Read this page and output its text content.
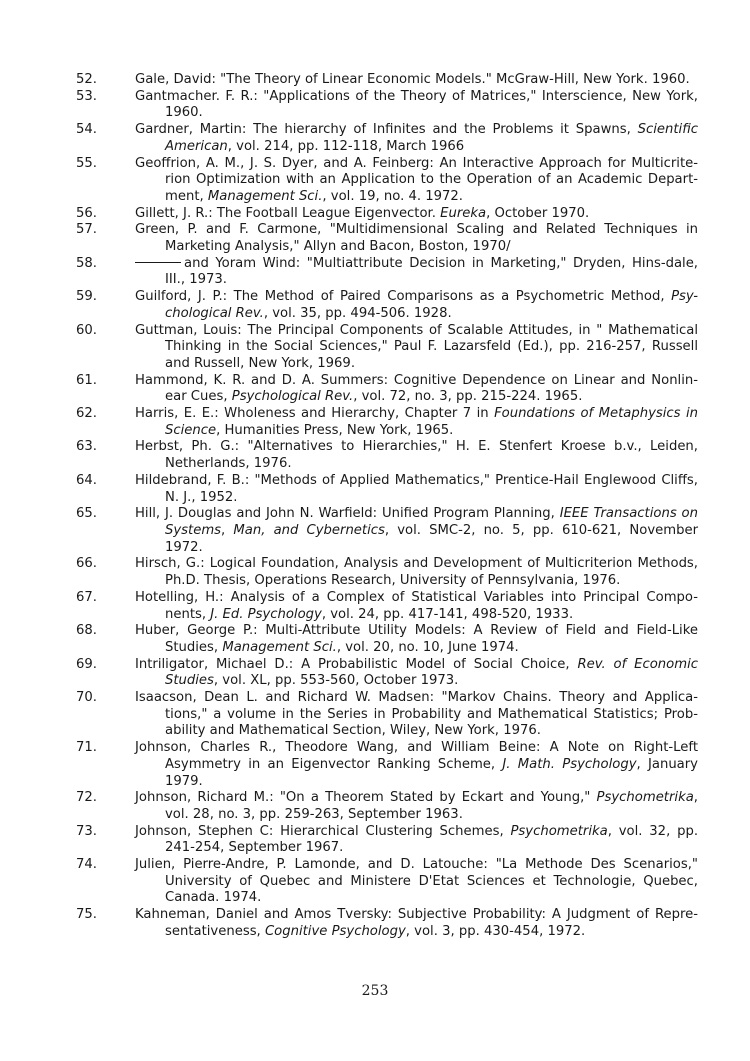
52.	Gale, David: "The Theory of Linear Economic Models." McGraw-Hill, New York. 1960.
53.	Gantmacher. F. R.: "Applications of the Theory of Matrices," Interscience, New York, 1960.
54.	Gardner, Martin: The hierarchy of Infinites and the Problems it Spawns, Scientific American, vol. 214, pp. 112-118, March 1966
55.	Geoffrion, A. M., J. S. Dyer, and A. Feinberg: An Interactive Approach for Multicrite-rion Optimization with an Application to the Operation of an Academic Depart-ment, Management Sci., vol. 19, no. 4. 1972.
56.	Gillett, J. R.: The Football League Eigenvector. Eureka, October 1970.
57.	Green, P. and F. Carmone, "Multidimensional Scaling and Related Techniques in Marketing Analysis," Allyn and Bacon, Boston, 1970/
58.	and Yoram Wind: "Multiattribute Decision in Marketing," Dryden, Hins-dale, III., 1973.
59.	Guilford, J. P.: The Method of Paired Comparisons as a Psychometric Method, Psy-chological Rev., vol. 35, pp. 494-506. 1928.
60.	Guttman, Louis: The Principal Components of Scalable Attitudes, in " Mathematical Thinking in the Social Sciences," Paul F. Lazarsfeld (Ed.), pp. 216-257, Russell and Russell, New York, 1969.
61.	Hammond, K. R. and D. A. Summers: Cognitive Dependence on Linear and Nonlin-ear Cues, Psychological Rev., vol. 72, no. 3, pp. 215-224. 1965.
62.	Harris, E. E.: Wholeness and Hierarchy, Chapter 7 in Foundations of Metaphysics in Science, Humanities Press, New York, 1965.
63.	Herbst, Ph. G.: "Alternatives to Hierarchies," H. E. Stenfert Kroese b.v., Leiden, Netherlands, 1976.
64.	Hildebrand, F. B.: "Methods of Applied Mathematics," Prentice-Hail Englewood Cliffs, N. J., 1952.
65.	Hill, J. Douglas and John N. Warfield: Unified Program Planning, IEEE Transactions on Systems, Man, and Cybernetics, vol. SMC-2, no. 5, pp. 610-621, November 1972.
66.	Hirsch, G.: Logical Foundation, Analysis and Development of Multicriterion Methods, Ph.D. Thesis, Operations Research, University of Pennsylvania, 1976.
67.	Hotelling, H.: Analysis of a Complex of Statistical Variables into Principal Compo-nents, J. Ed. Psychology, vol. 24, pp. 417-141, 498-520, 1933.
68.	Huber, George P.: Multi-Attribute Utility Models: A Review of Field and Field-Like Studies, Management Sci., vol. 20, no. 10, June 1974.
69.	Intriligator, Michael D.: A Probabilistic Model of Social Choice, Rev. of Economic Studies, vol. XL, pp. 553-560, October 1973.
70.	Isaacson, Dean L. and Richard W. Madsen: "Markov Chains. Theory and Applica-tions," a volume in the Series in Probability and Mathematical Statistics; Prob-ability and Mathematical Section, Wiley, New York, 1976.
71.	Johnson, Charles R., Theodore Wang, and William Beine: A Note on Right-Left Asymmetry in an Eigenvector Ranking Scheme, J. Math. Psychology, January 1979.
72.	Johnson, Richard M.: "On a Theorem Stated by Eckart and Young," Psychometrika, vol. 28, no. 3, pp. 259-263, September 1963.
73.	Johnson, Stephen C: Hierarchical Clustering Schemes, Psychometrika, vol. 32, pp. 241-254, September 1967.
74.	Julien, Pierre-Andre, P. Lamonde, and D. Latouche: "La Methode Des Scenarios," University of Quebec and Ministere D'Etat Sciences et Technologie, Quebec, Canada. 1974.
75.	Kahneman, Daniel and Amos Tversky: Subjective Probability: A Judgment of Repre-sentativeness, Cognitive Psychology, vol. 3, pp. 430-454, 1972.
253
